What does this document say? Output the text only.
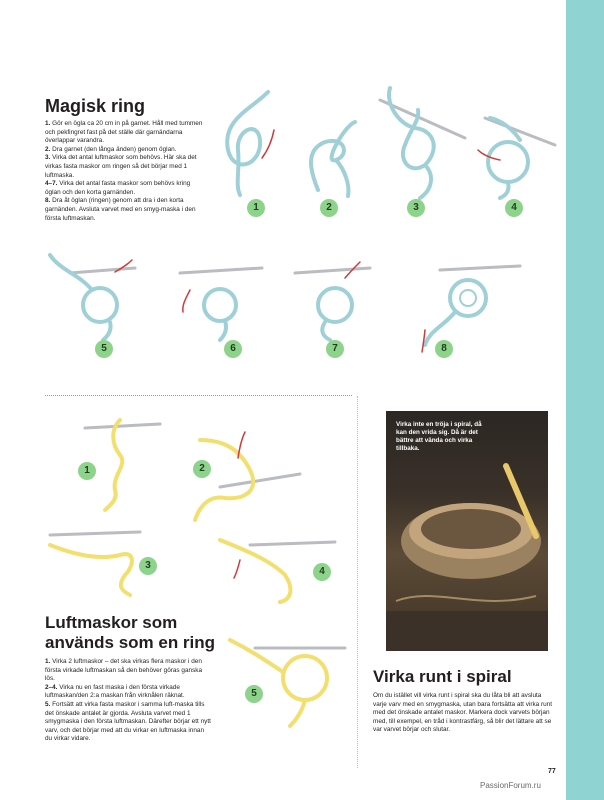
Magisk ring

1. Gör en ögla ca 20 cm in på garnet. Håll med tummen och pekfingret fast på det ställe där garnändarna överlappar varandra.

2. Dra garnet (den långa änden) genom öglan.

3. Virka det antal luftmaskor som behövs. Här ska det virkas fasta maskor om ringen så det börjar med 1 luftmaska.

4–7. Virka det antal fasta maskor som behövs kring öglan och den korta garnänden.

8. Dra åt öglan (ringen) genom att dra i den korta garnänden. Avsluta varvet med en smyg-maska i den första luftmaskan.

1	2	3	4
5	6	7	8
1	2
3
4
5
Luftmaskor som
används som en ring

1. Virka 2 luftmaskor – det ska virkas flera maskor i den första virkade luftmaskan så den behöver göras ganska lös.

2–4. Virka nu en fast maska i den första virkade luftmaskan/den 2:a maskan från virknålen räknat.

5. Fortsätt att virka fasta maskor i samma luft-maska tills det önskade antalet är gjorda. Avsluta varvet med 1 smygmaska i den första luftmaskan. Därefter börjar ett nytt varv, och det börjar med att du virkar en luftmaska innan du virkar vidare.

Virka inte en tröja i spiral, då kan den vrida sig. Då är det bättre att vända och virka tillbaka.
Virka runt i spiral
Om du istället vill virka runt i spiral ska du låta bli att avsluta varje varv med en smygmaska, utan bara fortsätta att virka runt med det önskade antalet maskor. Markera dock varvets början med, till exempel, en tråd i kontrastfärg, så blir det lättare att se var varvet börjar och slutar.
77
PassionForum.ru
